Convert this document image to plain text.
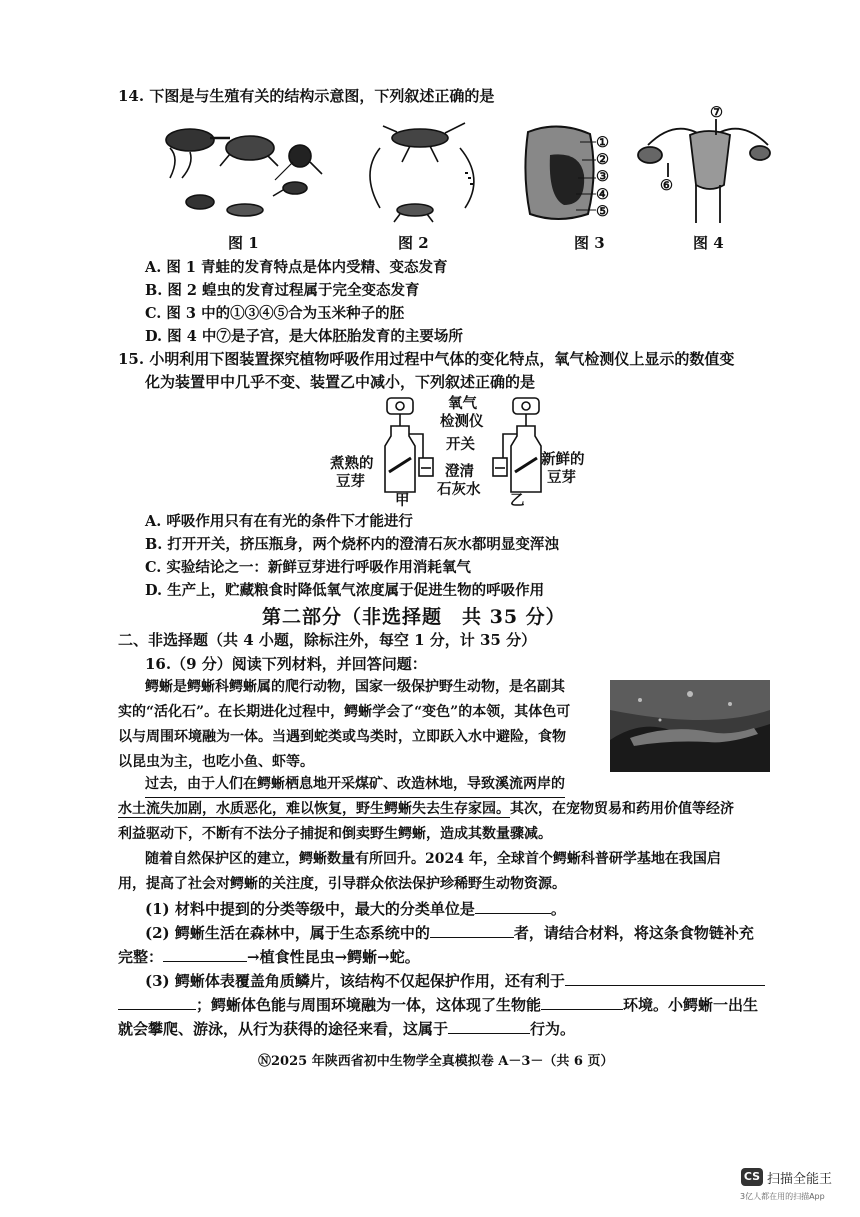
14. 下图是与生殖有关的结构示意图，下列叙述正确的是
图 1	图 2
①
②
③
④
⑤
图 3
⑦
⑥
图 4
A. 图 1 青蛙的发育特点是体内受精、变态发育
B. 图 2 蝗虫的发育过程属于完全变态发育
C. 图 3 中的①③④⑤合为玉米种子的胚
D. 图 4 中⑦是子宫，是大体胚胎发育的主要场所
15. 小明利用下图装置探究植物呼吸作用过程中气体的变化特点，氧气检测仪上显示的数值变
化为装置甲中几乎不变、装置乙中减小，下列叙述正确的是
氧气
检测仪
开关
煮熟的
豆芽
澄清
石灰水
新鲜的
豆芽
甲	乙
A. 呼吸作用只有在有光的条件下才能进行
B. 打开开关，挤压瓶身，两个烧杯内的澄清石灰水都明显变浑浊
C. 实验结论之一：新鲜豆芽进行呼吸作用消耗氧气
D. 生产上，贮藏粮食时降低氧气浓度属于促进生物的呼吸作用
第二部分（非选择题　共 35 分）
二、非选择题（共 4 小题，除标注外，每空 1 分，计 35 分）
16.（9 分）阅读下列材料，并回答问题：
鳄蜥是鳄蜥科鳄蜥属的爬行动物，国家一级保护野生动物，是名副其
实的“活化石”。在长期进化过程中，鳄蜥学会了“变色”的本领，其体色可
以与周围环境融为一体。当遇到蛇类或鸟类时，立即跃入水中避险，食物
以昆虫为主，也吃小鱼、虾等。
过去，由于人们在鳄蜥栖息地开采煤矿、改造林地，导致溪流两岸的
水土流失加剧，水质恶化，难以恢复，野生鳄蜥失去生存家园。其次，在宠物贸易和药用价值等经济
利益驱动下，不断有不法分子捕捉和倒卖野生鳄蜥，造成其数量骤减。
随着自然保护区的建立，鳄蜥数量有所回升。2024 年，全球首个鳄蜥科普研学基地在我国启
用，提高了社会对鳄蜥的关注度，引导群众依法保护珍稀野生动物资源。
(1) 材料中提到的分类等级中，最大的分类单位是	。
(2) 鳄蜥生活在森林中，属于生态系统中的	者，请结合材料，将这条食物链补充
完整：	→植食性昆虫→鳄蜥→蛇。
(3) 鳄蜥体表覆盖角质鳞片，该结构不仅起保护作用，还有利于
；鳄蜥体色能与周围环境融为一体，这体现了生物能	环境。小鳄蜥一出生
就会攀爬、游泳，从行为获得的途径来看，这属于	行为。
Ⓝ2025 年陕西省初中生物学全真模拟卷 A－3－（共 6 页）
CS 扫描全能王
3亿人都在用的扫描App
